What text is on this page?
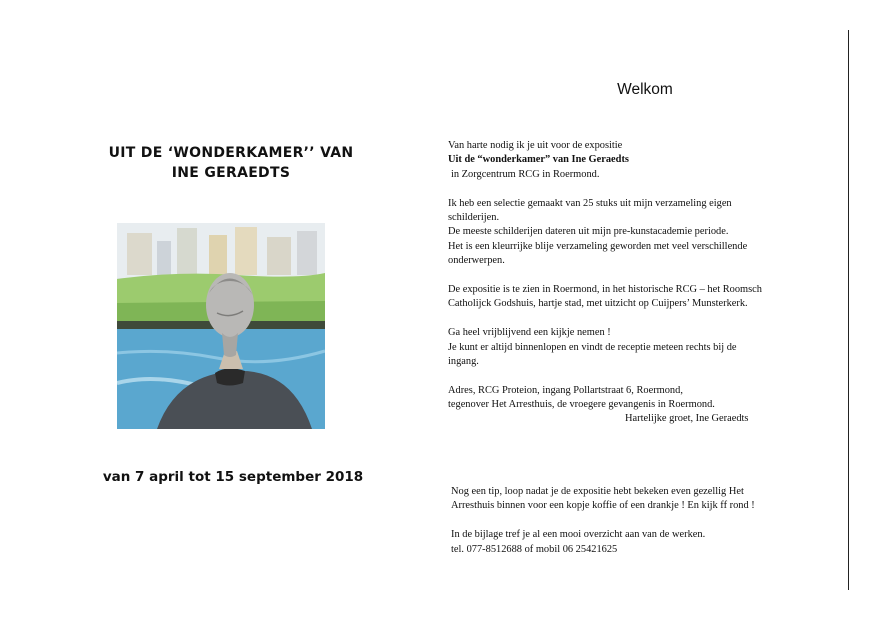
UIT DE ‘WONDERKAMER’’ VAN
INE GERAEDTS
van 7 april tot 15 september 2018
Welkom

Van harte nodig ik je uit voor de expositie
Uit de “wonderkamer” van Ine Geraedts
in Zorgcentrum RCG in Roermond.

Ik heb een selectie gemaakt van 25 stuks uit mijn verzameling eigen
schilderijen.
De meeste schilderijen dateren uit mijn pre-kunstacademie periode.
Het is een kleurrijke blije verzameling geworden met veel verschillende
onderwerpen.

De expositie is te zien in Roermond, in het historische RCG – het Roomsch
Catholijck Godshuis, hartje stad, met uitzicht op Cuijpers’ Munsterkerk.

Ga heel vrijblijvend een kijkje nemen !
Je kunt er altijd binnenlopen en vindt de receptie meteen rechts bij de
ingang.

Adres, RCG Proteion, ingang Pollartstraat 6, Roermond,
tegenover Het Arresthuis, de vroegere gevangenis in Roermond.
Hartelijke groet, Ine Geraedts

Nog een tip, loop nadat je de expositie hebt bekeken even gezellig Het
Arresthuis binnen voor een kopje koffie of een drankje ! En kijk ff rond !

In de bijlage tref je al een mooi overzicht aan van de werken.
tel. 077-8512688 of mobil 06 25421625
